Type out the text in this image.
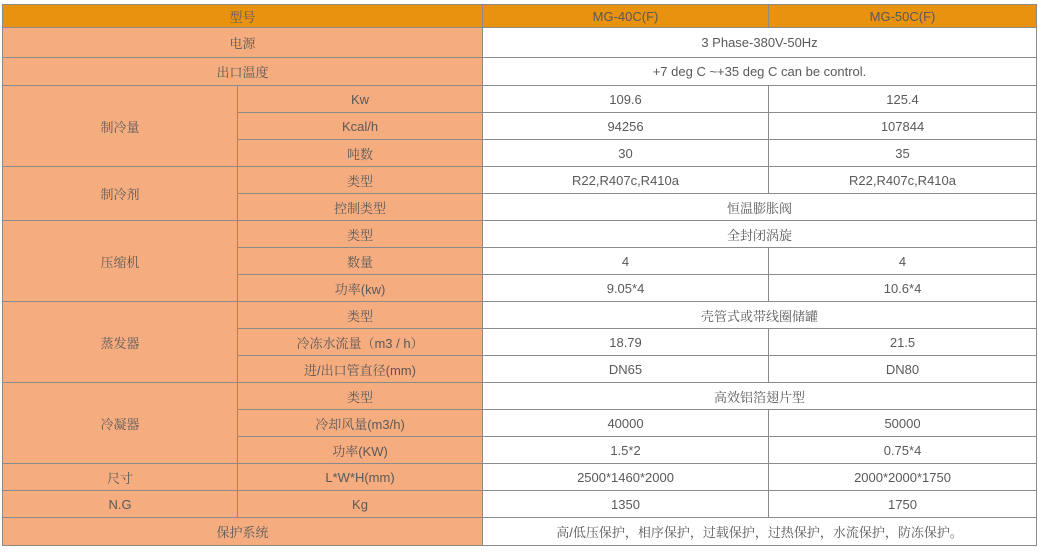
型号		MG-40C(F)	MG-50C(F)
电源		3 Phase-380V-50Hz	
出口温度		+7 deg C ~+35 deg C can be control.	
制冷量	Kw	109.6	125.4
	Kcal/h	94256	107844
	吨数	30	35
制冷剂	类型	R22,R407c,R410a	R22,R407c,R410a
	控制类型	恒温膨胀阀	
压缩机	类型	全封闭涡旋	
	数量	4	4
	功率(kw)	9.05*4	10.6*4
蒸发器	类型	壳管式或带线圈储罐	
	冷冻水流量（m3 / h）	18.79	21.5
	进/出口管直径(mm)	DN65	DN80
冷凝器	类型	高效铝箔翅片型	
	冷却风量(m3/h)	40000	50000
	功率(KW)	1.5*2	0.75*4
尺寸	L*W*H(mm)	2500*1460*2000	2000*2000*1750
N.G	Kg	1350	1750
保护系统		高/低压保护，相序保护，过载保护，过热保护，水流保护，防冻保护。	
